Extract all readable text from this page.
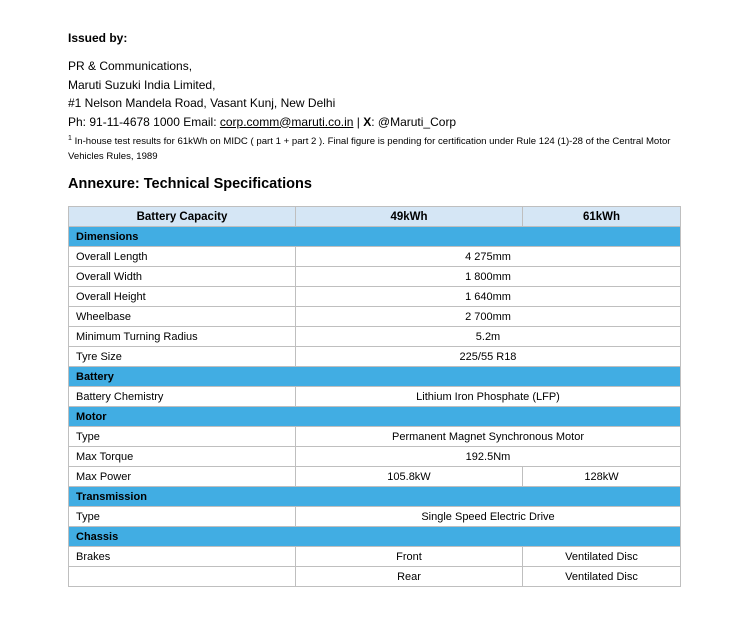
Issued by:
PR & Communications,
Maruti Suzuki India Limited,
#1 Nelson Mandela Road, Vasant Kunj, New Delhi
Ph: 91-11-4678 1000 Email: corp.comm@maruti.co.in | X: @Maruti_Corp
$^1$ In-house test results for 61kWh on MIDC ( part 1 + part 2 ). Final figure is pending for certification under Rule 124 (1)-28 of the Central Motor Vehicles Rules, 1989
Annexure: Technical Specifications
Battery Capacity	49kWh	61kWh
Dimensions		
Overall Length	4 275mm	
Overall Width	1 800mm	
Overall Height	1 640mm	
Wheelbase	2 700mm	
Minimum Turning Radius	5.2m	
Tyre Size	225/55 R18	
Battery		
Battery Chemistry	Lithium Iron Phosphate (LFP)	
Motor		
Type	Permanent Magnet Synchronous Motor	
Max Torque	192.5Nm	
Max Power	105.8kW	128kW
Transmission		
Type	Single Speed Electric Drive	
Chassis		
Brakes	Front	Ventilated Disc
	Rear	Ventilated Disc
